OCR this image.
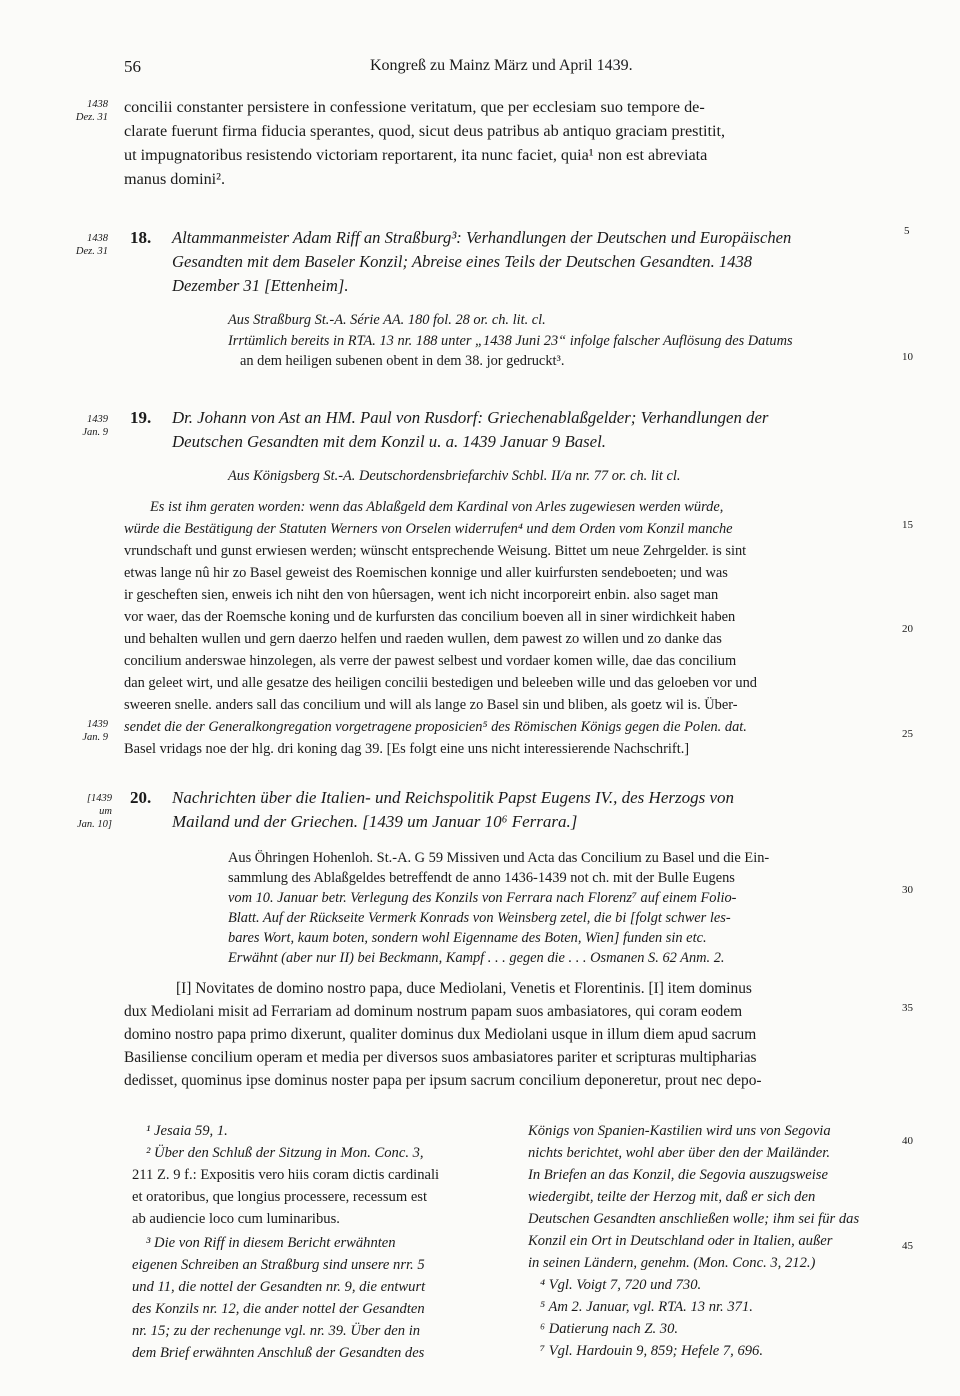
56	Kongreß zu Mainz März und April 1439.
1438
Dez. 31
1438
Dez. 31
1439
Jan. 9
1439
Jan. 9
[1439
um
Jan. 10]
5
10
15
20
25
30
35
40
45
concilii constanter persistere in confessione veritatum, que per ecclesiam suo tempore de-
clarate fuerunt firma fiducia sperantes, quod, sicut deus patribus ab antiquo graciam prestitit,
ut impugnatoribus resistendo victoriam reportarent, ita nunc faciet, quia¹ non est abreviata
manus domini².
18. Altammanmeister Adam Riff an Straßburg³: Verhandlungen der Deutschen und Europäischen
Gesandten mit dem Baseler Konzil; Abreise eines Teils der Deutschen Gesandten. 1438
Dezember 31 [Ettenheim].
Aus Straßburg St.-A. Série AA. 180 fol. 28 or. ch. lit. cl.
Irrtümlich bereits in RTA. 13 nr. 188 unter „1438 Juni 23“ infolge falscher Auflösung des Datums
an dem heiligen subenen obent in dem 38. jor gedruckt³.
19. Dr. Johann von Ast an HM. Paul von Rusdorf: Griechenablaßgelder; Verhandlungen der
Deutschen Gesandten mit dem Konzil u. a. 1439 Januar 9 Basel.
Aus Königsberg St.-A. Deutschordensbriefarchiv Schbl. II/a nr. 77 or. ch. lit cl.
Es ist ihm geraten worden: wenn das Ablaßgeld dem Kardinal von Arles zugewiesen werden würde,
würde die Bestätigung der Statuten Werners von Orselen widerrufen⁴ und dem Orden vom Konzil manche
vrundschaft und gunst erwiesen werden; wünscht entsprechende Weisung. Bittet um neue Zehrgelder. is sint
etwas lange nû hir zo Basel geweist des Roemischen konnige und aller kuirfursten sendeboeten; und was
ir gescheften sien, enweis ich niht den von hûersagen, went ich nicht incorporeirt enbin. also saget man
vor waer, das der Roemsche koning und de kurfursten das concilium boeven all in siner wirdichkeit haben
und behalten wullen und gern daerzo helfen und raeden wullen, dem pawest zo willen und zo danke das
concilium anderswae hinzolegen, als verre der pawest selbest und vordaer komen wille, dae das concilium
dan geleet wirt, und alle gesatze des heiligen concilii bestedigen und beleeben wille und das geloeben vor und
sweeren snelle. anders sall das concilium und will als lange zo Basel sin und bliben, als goetz wil is. Über-
sendet die der Generalkongregation vorgetragene proposicien⁵ des Römischen Königs gegen die Polen. dat.
Basel vridags noe der hlg. dri koning dag 39. [Es folgt eine uns nicht interessierende Nachschrift.]
20. Nachrichten über die Italien- und Reichspolitik Papst Eugens IV., des Herzogs von
Mailand und der Griechen. [1439 um Januar 10⁶ Ferrara.]
Aus Öhringen Hohenloh. St.-A. G 59 Missiven und Acta das Concilium zu Basel und die Ein-
sammlung des Ablaßgeldes betreffendt de anno 1436-1439 not ch. mit der Bulle Eugens
vom 10. Januar betr. Verlegung des Konzils von Ferrara nach Florenz⁷ auf einem Folio-
Blatt. Auf der Rückseite Vermerk Konrads von Weinsberg zetel, die bi [folgt schwer les-
bares Wort, kaum boten, sondern wohl Eigenname des Boten, Wien] funden sin etc.
Erwähnt (aber nur II) bei Beckmann, Kampf . . . gegen die . . . Osmanen S. 62 Anm. 2.
[I] Novitates de domino nostro papa, duce Mediolani, Venetis et Florentinis. [I] item dominus
dux Mediolani misit ad Ferrariam ad dominum nostrum papam suos ambasiatores, qui coram eodem
domino nostro papa primo dixerunt, qualiter dominus dux Mediolani usque in illum diem apud sacrum
Basiliense concilium operam et media per diversos suos ambasiatores pariter et scripturas multipharias
dedisset, quominus ipse dominus noster papa per ipsum sacrum concilium deponeretur, prout nec depo-
¹ Jesaia 59, 1.
² Über den Schluß der Sitzung in Mon. Conc. 3,
211 Z. 9 f.: Expositis vero hiis coram dictis cardinali
et oratoribus, que longius processere, recessum est
ab audiencie loco cum luminaribus.
³ Die von Riff in diesem Bericht erwähnten
eigenen Schreiben an Straßburg sind unsere nrr. 5
und 11, die nottel der Gesandten nr. 9, die entwurt
des Konzils nr. 12, die ander nottel der Gesandten
nr. 15; zu der rechenunge vgl. nr. 39. Über den in
dem Brief erwähnten Anschluß der Gesandten des
Königs von Spanien-Kastilien wird uns von Segovia
nichts berichtet, wohl aber über den der Mailänder.
In Briefen an das Konzil, die Segovia auszugsweise
wiedergibt, teilte der Herzog mit, daß er sich den
Deutschen Gesandten anschließen wolle; ihm sei für das
Konzil ein Ort in Deutschland oder in Italien, außer
in seinen Ländern, genehm. (Mon. Conc. 3, 212.)
⁴ Vgl. Voigt 7, 720 und 730.
⁵ Am 2. Januar, vgl. RTA. 13 nr. 371.
⁶ Datierung nach Z. 30.
⁷ Vgl. Hardouin 9, 859; Hefele 7, 696.
